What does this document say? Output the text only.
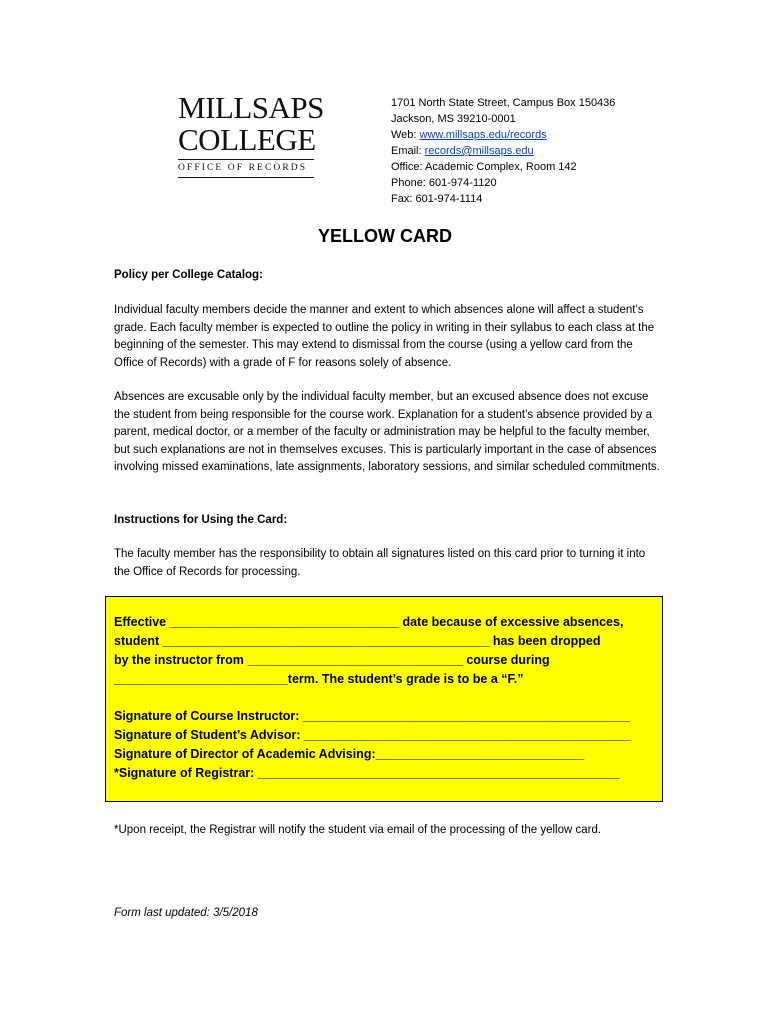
MILLSAPS
COLLEGE
OFFICE OF RECORDS
1701 North State Street, Campus Box 150436
Jackson, MS 39210-0001
Web: www.millsaps.edu/records
Email: records@millsaps.edu
Office: Academic Complex, Room 142
Phone: 601-974-1120
Fax: 601-974-1114
YELLOW CARD
Policy per College Catalog:
Individual faculty members decide the manner and extent to which absences alone will affect a student’s grade. Each faculty member is expected to outline the policy in writing in their syllabus to each class at the beginning of the semester. This may extend to dismissal from the course (using a yellow card from the Office of Records) with a grade of F for reasons solely of absence.
Absences are excusable only by the individual faculty member, but an excused absence does not excuse the student from being responsible for the course work. Explanation for a student’s absence provided by a parent, medical doctor, or a member of the faculty or administration may be helpful to the faculty member, but such explanations are not in themselves excuses. This is particularly important in the case of absences involving missed examinations, late assignments, laboratory sessions, and similar scheduled commitments.
Instructions for Using the Card:
The faculty member has the responsibility to obtain all signatures listed on this card prior to turning it into the Office of Records for processing.
Effective _________________________________ date because of excessive absences,
student _______________________________________________ has been dropped
by the instructor from _______________________________ course during
_________________________term. The student’s grade is to be a “F.”
Signature of Course Instructor: _______________________________________________
Signature of Student’s Advisor: _______________________________________________
Signature of Director of Academic Advising:______________________________
*Signature of Registrar: ____________________________________________________
*Upon receipt, the Registrar will notify the student via email of the processing of the yellow card.
Form last updated: 3/5/2018
